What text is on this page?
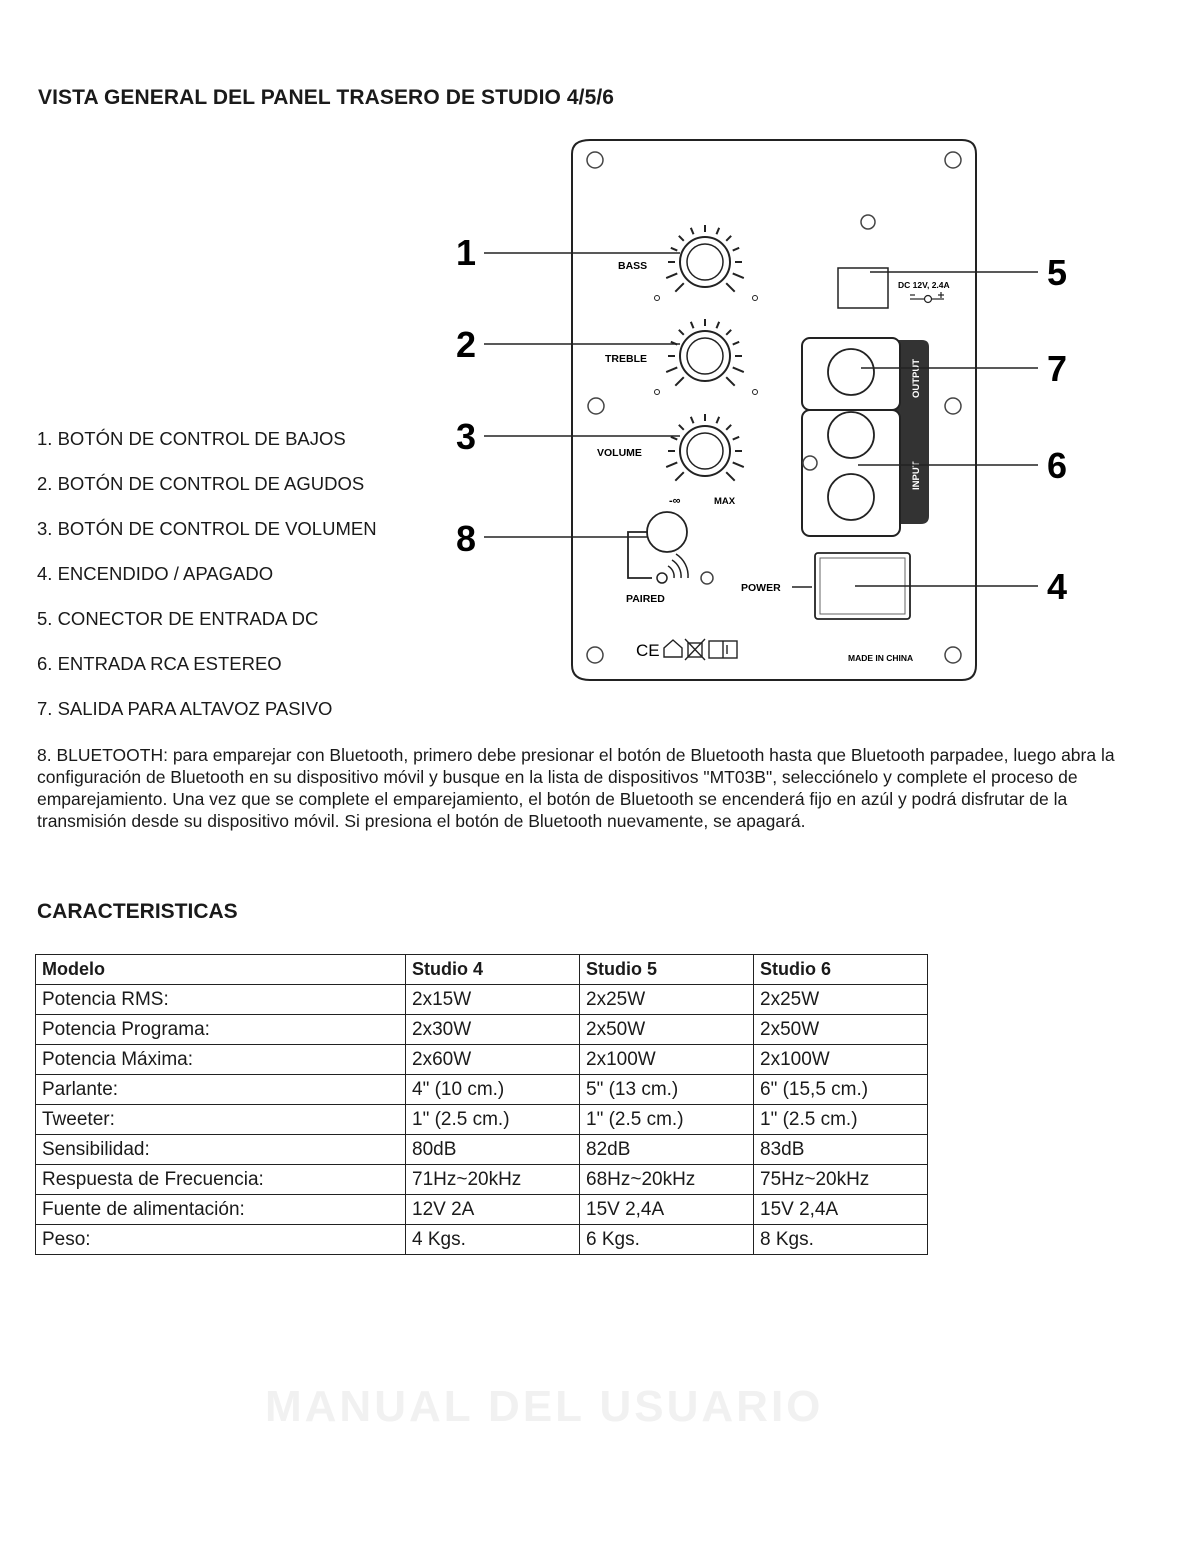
VISTA GENERAL DEL PANEL TRASERO DE STUDIO 4/5/6
1. BOTÓN DE CONTROL DE BAJOS
2. BOTÓN DE CONTROL DE AGUDOS
3. BOTÓN DE CONTROL DE VOLUMEN
4. ENCENDIDO / APAGADO
5. CONECTOR DE ENTRADA DC
6. ENTRADA RCA ESTEREO
7. SALIDA PARA ALTAVOZ PASIVO
BASS
TREBLE
VOLUME
-∞	MAX
DC 12V, 2.4A
OUTPUT
INPUT
POWER
PAIRED
CE	MADE IN CHINA
1
2
3
8
5
7
6
4
8. BLUETOOTH: para emparejar con Bluetooth, primero debe presionar el botón de Bluetooth hasta que Bluetooth parpadee, luego abra la configuración de Bluetooth en su dispositivo móvil y busque en la lista de dispositivos "MT03B", selecciónelo y complete el proceso de emparejamiento. Una vez que se complete el emparejamiento, el botón de Bluetooth se encenderá fijo en azúl y podrá disfrutar de la transmisión desde su dispositivo móvil. Si presiona el botón de Bluetooth nuevamente, se apagará.
CARACTERISTICAS
Modelo	Studio 4	Studio 5	Studio 6
Potencia RMS:	2x15W	2x25W	2x25W
Potencia Programa:	2x30W	2x50W	2x50W
Potencia Máxima:	2x60W	2x100W	2x100W
Parlante:	4" (10 cm.)	5" (13 cm.)	6" (15,5 cm.)
Tweeter:	1" (2.5 cm.)	1" (2.5 cm.)	1" (2.5 cm.)
Sensibilidad:	80dB	82dB	83dB
Respuesta de Frecuencia:	71Hz~20kHz	68Hz~20kHz	75Hz~20kHz
Fuente de alimentación:	12V 2A	15V 2,4A	15V 2,4A
Peso:	4 Kgs.	6 Kgs.	8 Kgs.
MANUAL DEL USUARIO
